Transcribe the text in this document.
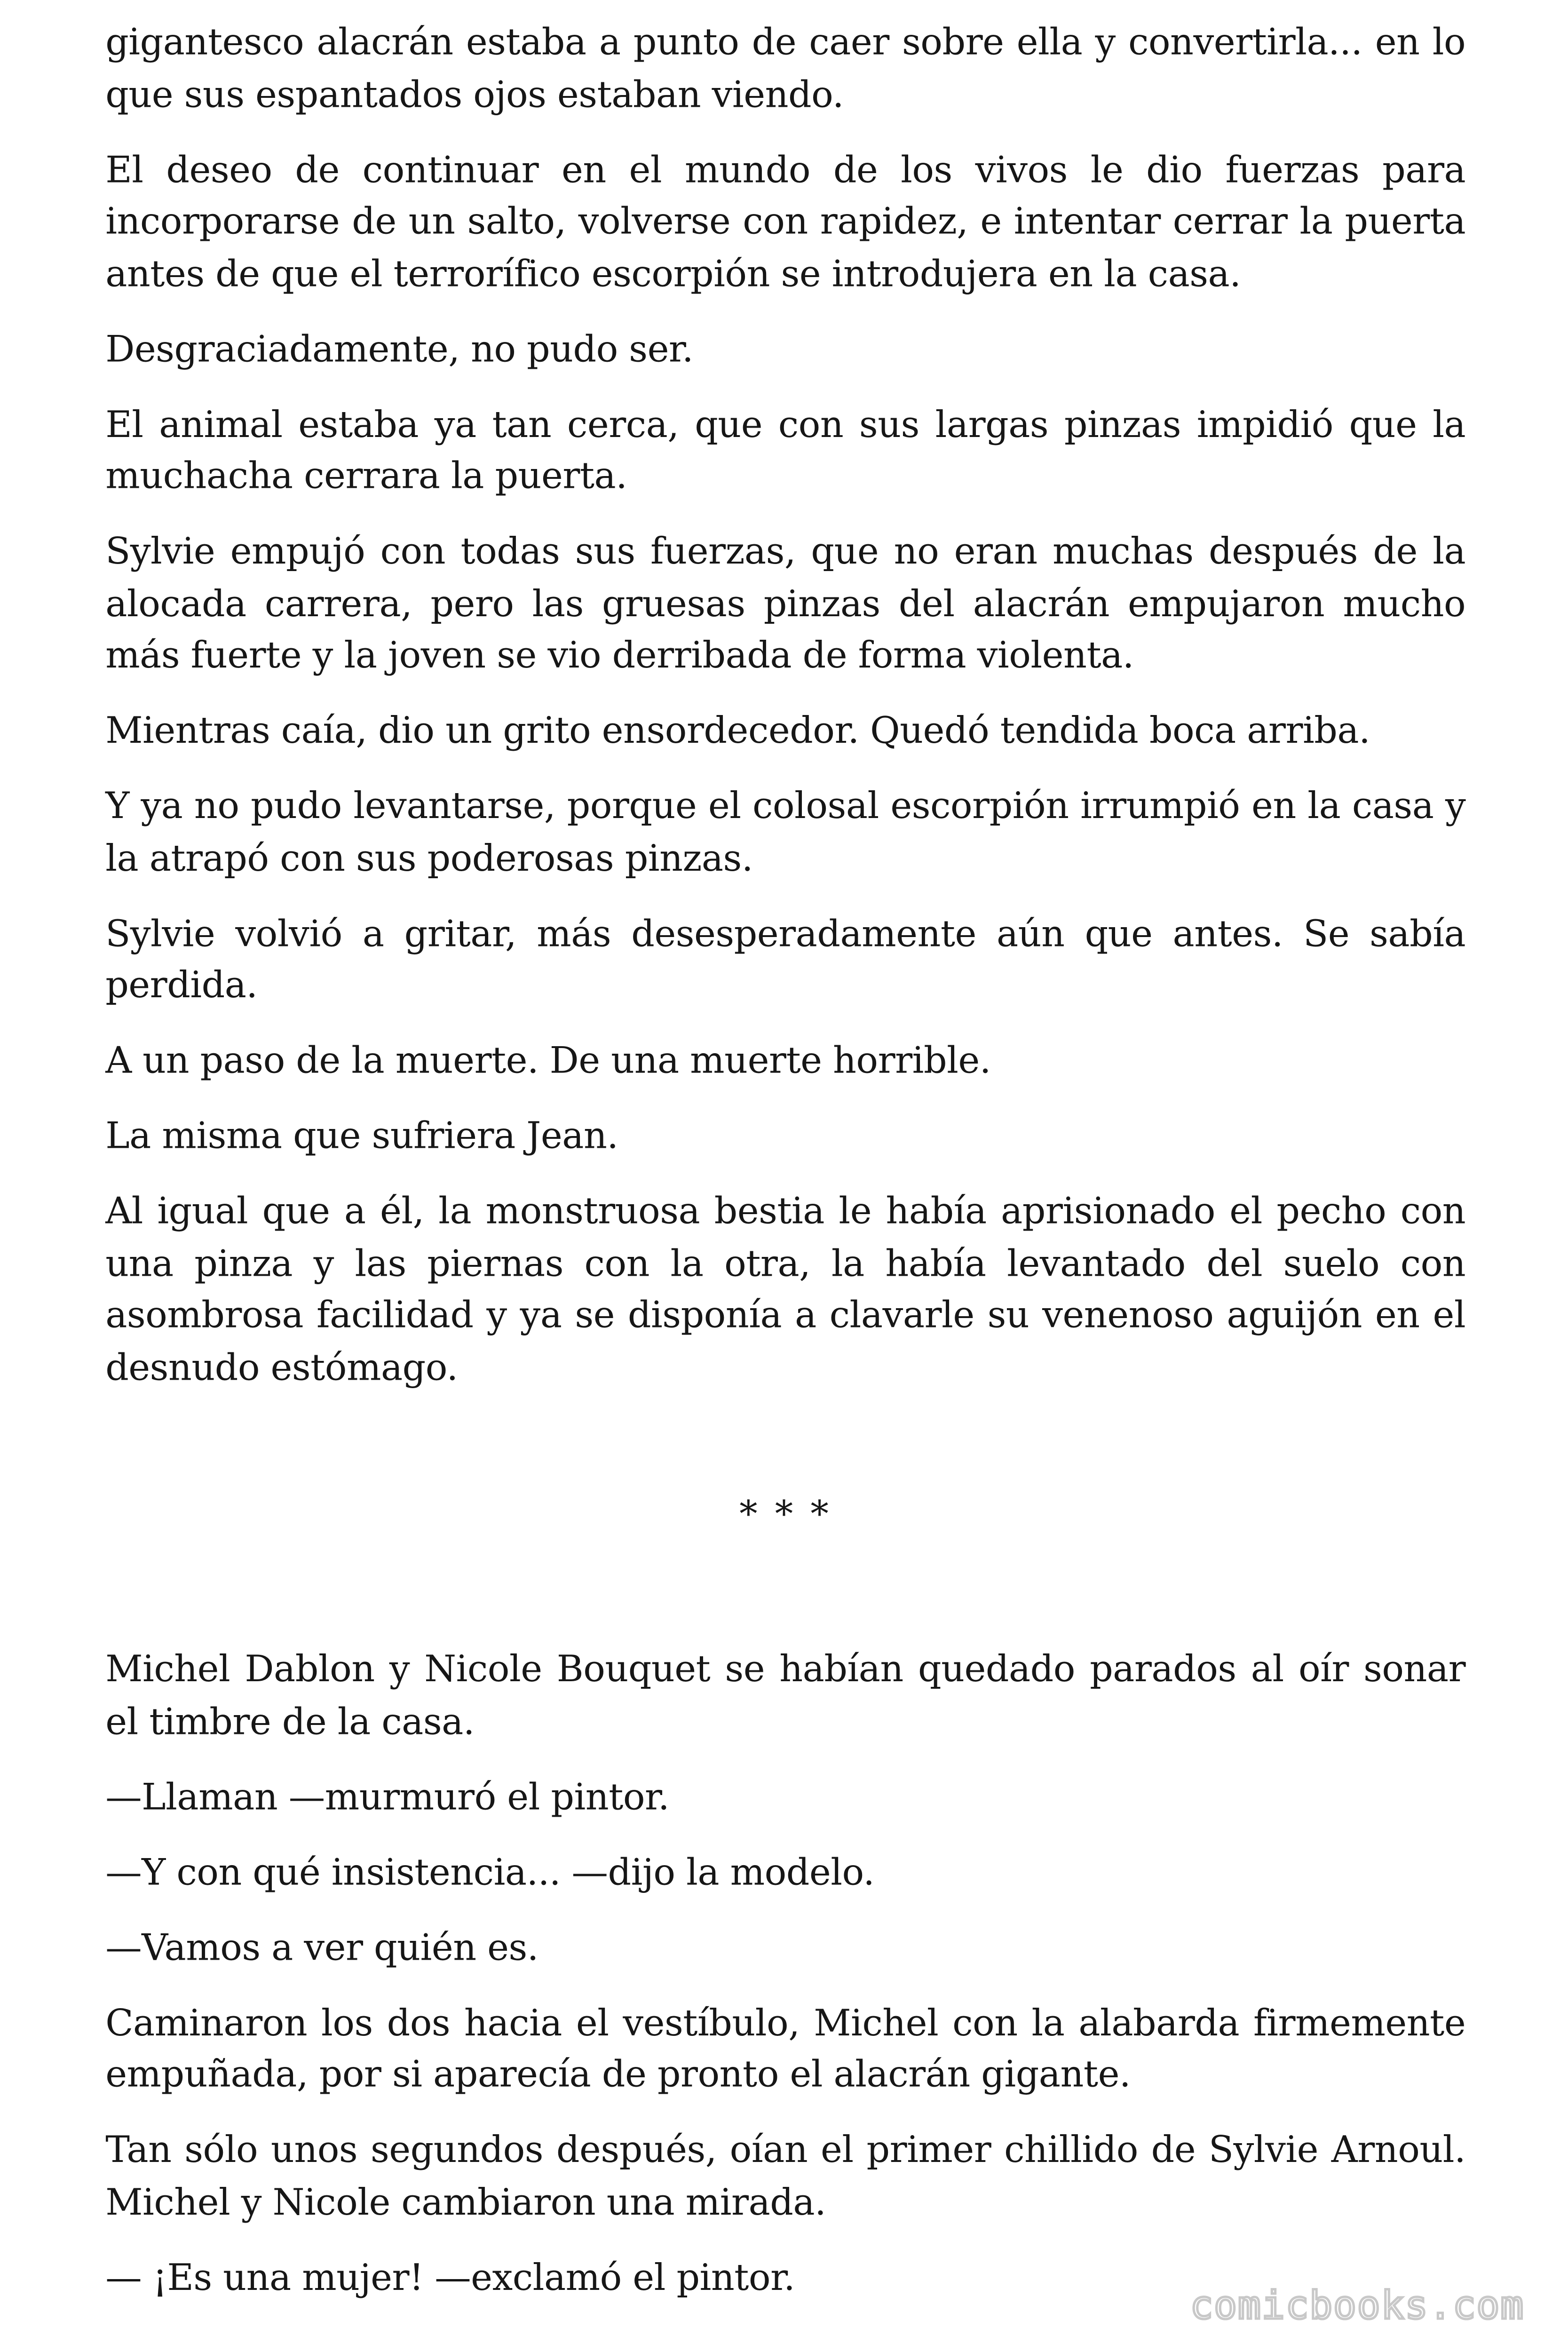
gigantesco alacrán estaba a punto de caer sobre ella y convertirla... en lo que sus espantados ojos estaban viendo.

El deseo de continuar en el mundo de los vivos le dio fuerzas para incorporarse de un salto, volverse con rapidez, e intentar cerrar la puerta antes de que el terrorífico escorpión se introdujera en la casa.

Desgraciadamente, no pudo ser.

El animal estaba ya tan cerca, que con sus largas pinzas impidió que la muchacha cerrara la puerta.

Sylvie empujó con todas sus fuerzas, que no eran muchas después de la alocada carrera, pero las gruesas pinzas del alacrán empujaron mucho más fuerte y la joven se vio derribada de forma violenta.

Mientras caía, dio un grito ensordecedor. Quedó tendida boca arriba.

Y ya no pudo levantarse, porque el colosal escorpión irrumpió en la casa y la atrapó con sus poderosas pinzas.

Sylvie volvió a gritar, más desesperadamente aún que antes. Se sabía perdida.

A un paso de la muerte. De una muerte horrible.

La misma que sufriera Jean.

Al igual que a él, la monstruosa bestia le había aprisionado el pecho con una pinza y las piernas con la otra, la había levantado del suelo con asombrosa facilidad y ya se disponía a clavarle su venenoso aguijón en el desnudo estómago.

* * *

Michel Dablon y Nicole Bouquet se habían quedado parados al oír sonar el timbre de la casa.

—Llaman —murmuró el pintor.

—Y con qué insistencia... —dijo la modelo.

—Vamos a ver quién es.

Caminaron los dos hacia el vestíbulo, Michel con la alabarda firmemente empuñada, por si aparecía de pronto el alacrán gigante.

Tan sólo unos segundos después, oían el primer chillido de Sylvie Arnoul. Michel y Nicole cambiaron una mirada.

— ¡Es una mujer! —exclamó el pintor.

comicbooks.com
